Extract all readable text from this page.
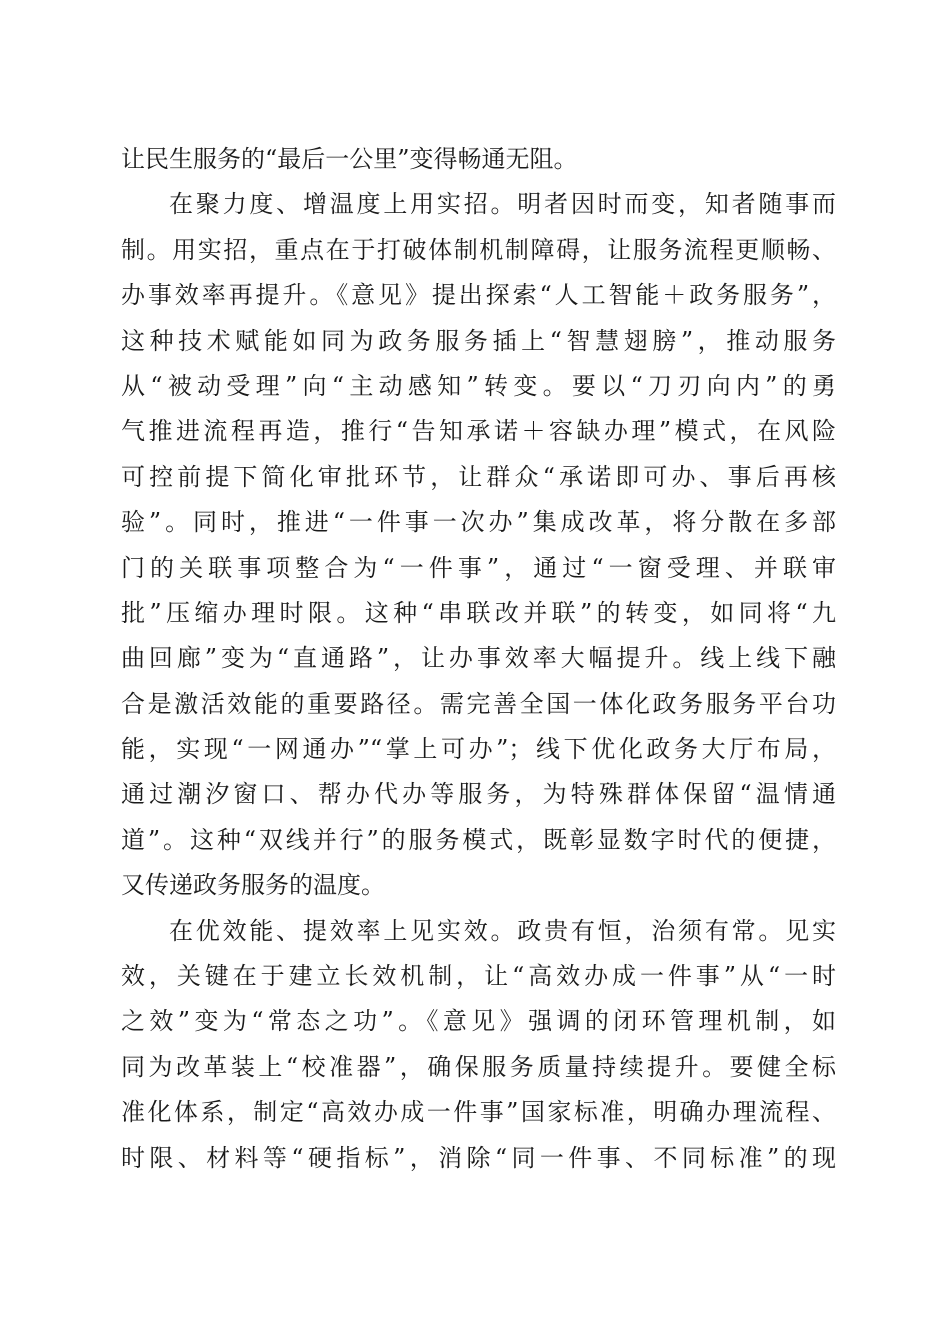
让民生服务的“最后一公里”变得畅通无阻。
在聚力度、增温度上用实招。明者因时而变，知者随事而
制。用实招，重点在于打破体制机制障碍，让服务流程更顺畅、
办事效率再提升。《意见》提出探索“人工智能＋政务服务”，
这种技术赋能如同为政务服务插上“智慧翅膀”，推动服务
从“被动受理”向“主动感知”转变。要以“刀刃向内”的勇
气推进流程再造，推行“告知承诺＋容缺办理”模式，在风险
可控前提下简化审批环节，让群众“承诺即可办、事后再核
验”。同时，推进“一件事一次办”集成改革，将分散在多部
门的关联事项整合为“一件事”，通过“一窗受理、并联审
批”压缩办理时限。这种“串联改并联”的转变，如同将“九
曲回廊”变为“直通路”，让办事效率大幅提升。线上线下融
合是激活效能的重要路径。需完善全国一体化政务服务平台功
能，实现“一网通办”“掌上可办”；线下优化政务大厅布局，
通过潮汐窗口、帮办代办等服务，为特殊群体保留“温情通
道”。这种“双线并行”的服务模式，既彰显数字时代的便捷，
又传递政务服务的温度。
在优效能、提效率上见实效。政贵有恒，治须有常。见实
效，关键在于建立长效机制，让“高效办成一件事”从“一时
之效”变为“常态之功”。《意见》强调的闭环管理机制，如
同为改革装上“校准器”，确保服务质量持续提升。要健全标
准化体系，制定“高效办成一件事”国家标准，明确办理流程、
时限、材料等“硬指标”，消除“同一件事、不同标准”的现
